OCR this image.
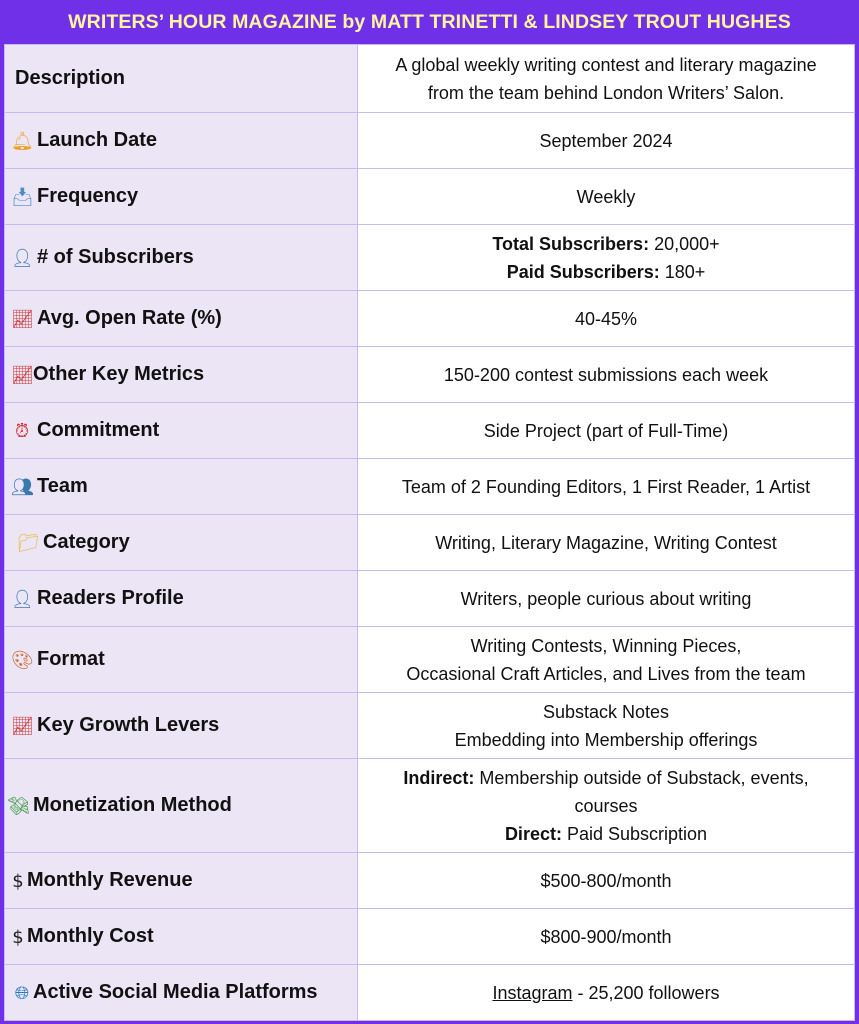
WRITERS’ HOUR MAGAZINE by MATT TRINETTI & LINDSEY TROUT HUGHES
Description	A global weekly writing contest and literary magazine
from the team behind London Writers’ Salon.

🔔︎ Launch Date	September 2024
📥︎ Frequency	Weekly
👤︎ # of Subscribers	Total Subscribers: 20,000+
Paid Subscribers: 180+

📈︎ Avg. Open Rate (%)	40-45%
📈︎Other Key Metrics	150-200 contest submissions each week
⏰︎ Commitment	Side Project (part of Full-Time)
👥︎ Team	Team of 2 Founding Editors, 1 First Reader, 1 Artist
📁︎ Category	Writing, Literary Magazine, Writing Contest
👤︎ Readers Profile	Writers, people curious about writing
🎨︎ Format	Writing Contests, Winning Pieces,
Occasional Craft Articles, and Lives from the team

📈︎ Key Growth Levers	Substack Notes
Embedding into Membership offerings

💸︎ Monetization Method	Indirect: Membership outside of Substack, events, courses
Direct: Paid Subscription

$ Monthly Revenue	$500-800/month
$ Monthly Cost	$800-900/month
🌐︎ Active Social Media Platforms	Instagram - 25,200 followers
